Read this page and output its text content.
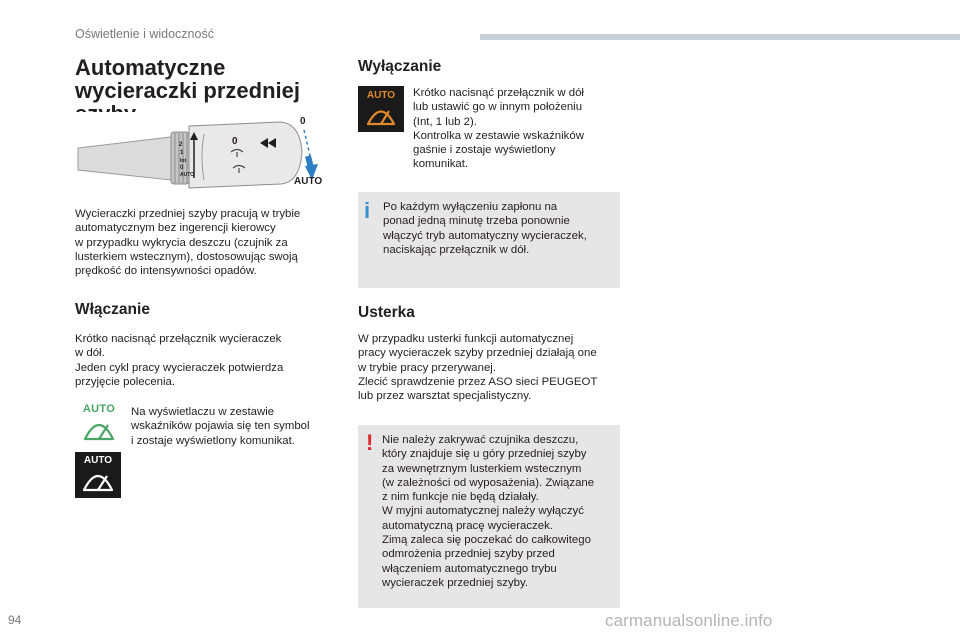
Oświetlenie i widoczność
Automatyczne wycieraczki przedniej
2
1
Int
0
AUTO
0
0
AUTO
Wycieraczki przedniej szyby pracują w trybie
automatycznym bez ingerencji kierowcy
w przypadku wykrycia deszczu (czujnik za
lusterkiem wstecznym), dostosowując swoją
prędkość do intensywności opadów.
Włączanie
Krótko nacisnąć przełącznik wycieraczek
w dół.
Jeden cykl pracy wycieraczek potwierdza
przyjęcie polecenia.
AUTO
AUTO
Na wyświetlaczu w zestawie
wskaźników pojawia się ten symbol
i zostaje wyświetlony komunikat.
Wyłączanie
AUTO	Krótko nacisnąć przełącznik w dół
lub ustawić go w innym położeniu
(Int, 1 lub 2).
Kontrolka w zestawie wskaźników
gaśnie i zostaje wyświetlony
komunikat.
i Po każdym wyłączeniu zapłonu na
ponad jedną minutę trzeba ponownie
włączyć tryb automatyczny wycieraczek,
naciskając przełącznik w dół.
Usterka
W przypadku usterki funkcji automatycznej
pracy wycieraczek szyby przedniej działają one
w trybie pracy przerywanej.
Zlecić sprawdzenie przez ASO sieci PEUGEOT
lub przez warsztat specjalistyczny.
! Nie należy zakrywać czujnika deszczu,
który znajduje się u góry przedniej szyby
za wewnętrznym lusterkiem wstecznym
(w zależności od wyposażenia). Związane
z nim funkcje nie będą działały.
W myjni automatycznej należy wyłączyć
automatyczną pracę wycieraczek.
Zimą zaleca się poczekać do całkowitego
odmrożenia przedniej szyby przed
włączeniem automatycznego trybu
wycieraczek przedniej szyby.
94	carmanualsonline.info
